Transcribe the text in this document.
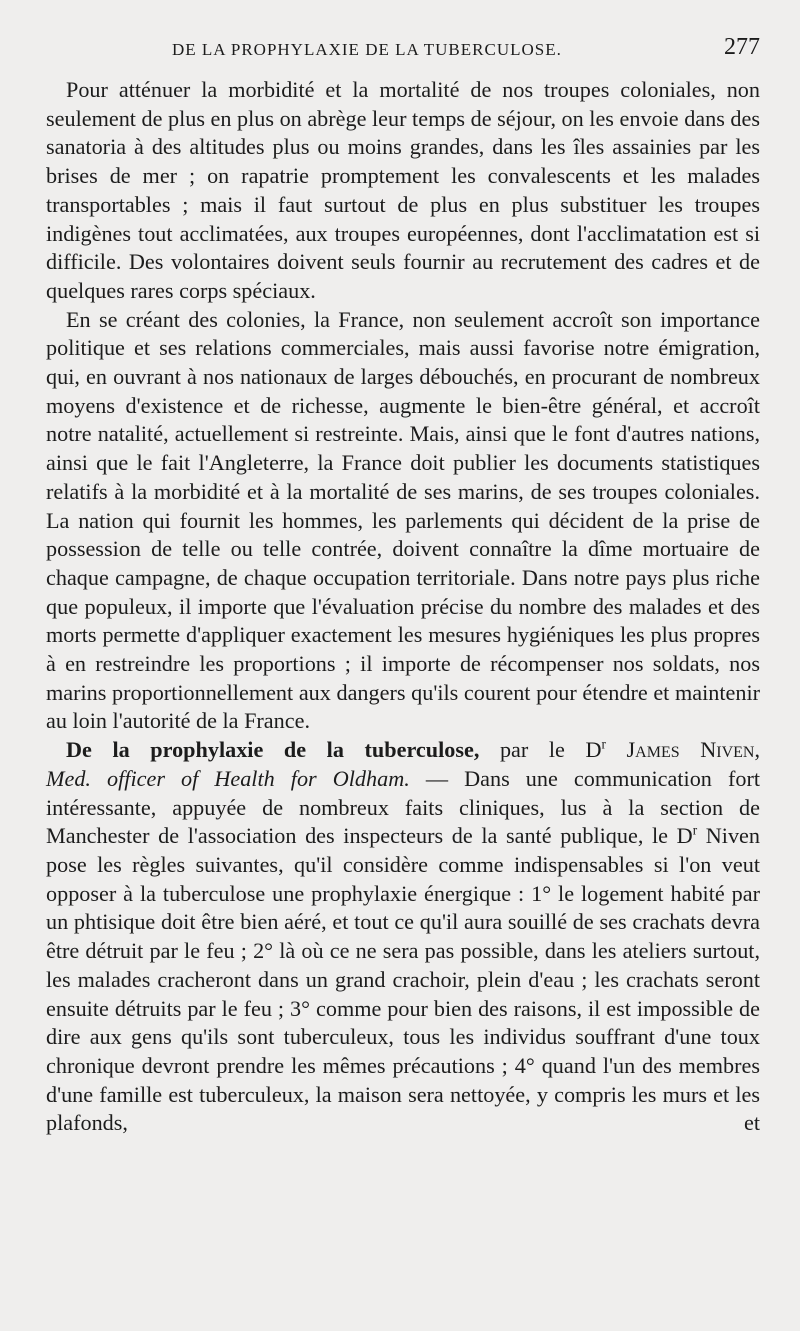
DE LA PROPHYLAXIE DE LA TUBERCULOSE.	277

Pour atténuer la morbidité et la mortalité de nos troupes coloniales, non seulement de plus en plus on abrège leur temps de séjour, on les envoie dans des sanatoria à des altitudes plus ou moins grandes, dans les îles assainies par les brises de mer ; on rapatrie promptement les convalescents et les malades transportables ; mais il faut surtout de plus en plus substituer les troupes indigènes tout acclimatées, aux troupes européennes, dont l'acclimatation est si difficile. Des volontaires doivent seuls fournir au recrutement des cadres et de quelques rares corps spéciaux.

En se créant des colonies, la France, non seulement accroît son importance politique et ses relations commerciales, mais aussi favorise notre émigration, qui, en ouvrant à nos nationaux de larges débouchés, en procurant de nombreux moyens d'existence et de richesse, augmente le bien-être général, et accroît notre natalité, actuellement si restreinte. Mais, ainsi que le font d'autres nations, ainsi que le fait l'Angleterre, la France doit publier les documents statistiques relatifs à la morbidité et à la mortalité de ses marins, de ses troupes coloniales. La nation qui fournit les hommes, les parlements qui décident de la prise de possession de telle ou telle contrée, doivent connaître la dîme mortuaire de chaque campagne, de chaque occupation territoriale. Dans notre pays plus riche que populeux, il importe que l'évaluation précise du nombre des malades et des morts permette d'appliquer exactement les mesures hygiéniques les plus propres à en restreindre les proportions ; il importe de récompenser nos soldats, nos marins proportionnellement aux dangers qu'ils courent pour étendre et maintenir au loin l'autorité de la France.

De la prophylaxie de la tuberculose, par le $D^r$ James Niven,
Med. officer of Health for Oldham. — Dans une communication fort intéressante, appuyée de nombreux faits cliniques, lus à la section de Manchester de l'association des inspecteurs de la santé publique, le $D^r$ Niven pose les règles suivantes, qu'il considère comme indispensables si l'on veut opposer à la tuberculose une prophylaxie énergique : 1° le logement habité par un phtisique doit être bien aéré, et tout ce qu'il aura souillé de ses crachats devra être détruit par le feu ; 2° là où ce ne sera pas possible, dans les ateliers surtout, les malades cracheront dans un grand crachoir, plein d'eau ; les crachats seront ensuite détruits par le feu ; 3° comme pour bien des raisons, il est impossible de dire aux gens qu'ils sont tuberculeux, tous les individus souffrant d'une toux chronique devront prendre les mêmes précautions ; 4° quand l'un des membres d'une famille est tuberculeux, la maison sera nettoyée, y compris les murs et les plafonds, et
